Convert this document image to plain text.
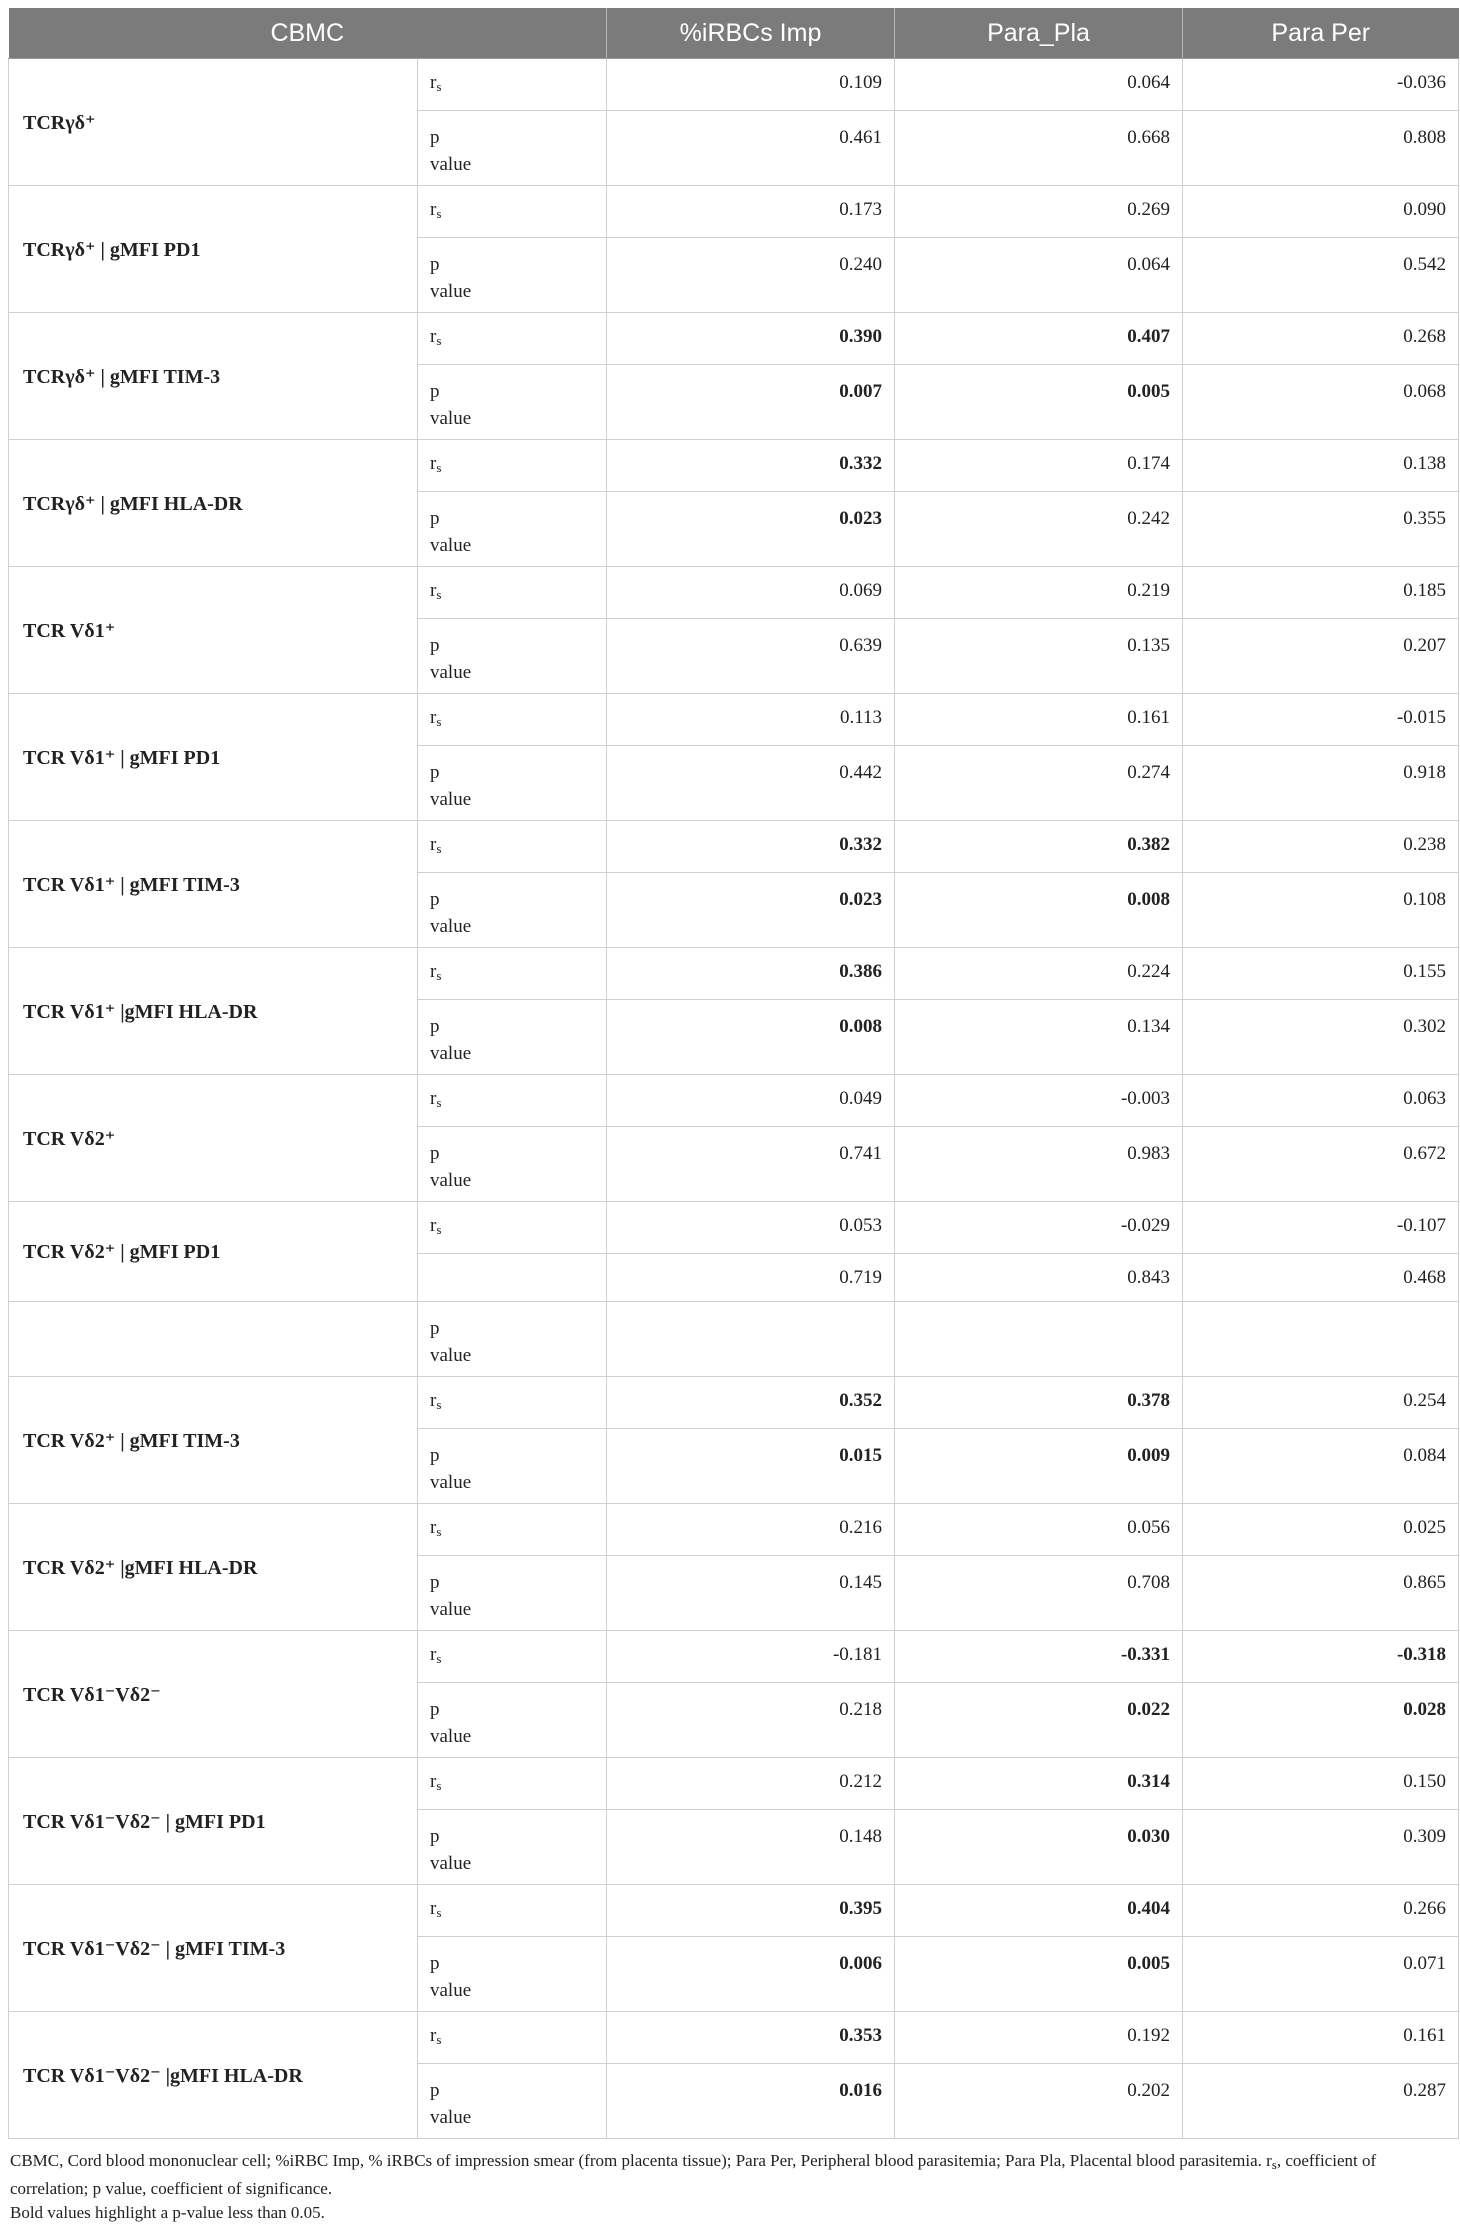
CBMC		%iRBCs Imp	Para_Pla	Para Per
TCRγδ⁺	$r_s$	0.109	0.064	-0.036
	p
value	0.461	0.668	0.808
TCRγδ⁺ | gMFI PD1	$r_s$	0.173	0.269	0.090
	p
value	0.240	0.064	0.542
TCRγδ⁺ | gMFI TIM-3	$r_s$	0.390	0.407	0.268
	p
value	0.007	0.005	0.068
TCRγδ⁺ | gMFI HLA-DR	$r_s$	0.332	0.174	0.138
	p
value	0.023	0.242	0.355
TCR Vδ1⁺	$r_s$	0.069	0.219	0.185
	p
value	0.639	0.135	0.207
TCR Vδ1⁺ | gMFI PD1	$r_s$	0.113	0.161	-0.015
	p
value	0.442	0.274	0.918
TCR Vδ1⁺ | gMFI TIM-3	$r_s$	0.332	0.382	0.238
	p
value	0.023	0.008	0.108
TCR Vδ1⁺ |gMFI HLA-DR	$r_s$	0.386	0.224	0.155
	p
value	0.008	0.134	0.302
TCR Vδ2⁺	$r_s$	0.049	-0.003	0.063
	p
value	0.741	0.983	0.672
TCR Vδ2⁺ | gMFI PD1	$r_s$	0.053	-0.029	-0.107
		0.719	0.843	0.468
	p
value			
TCR Vδ2⁺ | gMFI TIM-3	$r_s$	0.352	0.378	0.254
	p
value	0.015	0.009	0.084
TCR Vδ2⁺ |gMFI HLA-DR	$r_s$	0.216	0.056	0.025
	p
value	0.145	0.708	0.865
TCR Vδ1⁻Vδ2⁻	$r_s$	-0.181	-0.331	-0.318
	p
value	0.218	0.022	0.028
TCR Vδ1⁻Vδ2⁻ | gMFI PD1	$r_s$	0.212	0.314	0.150
	p
value	0.148	0.030	0.309
TCR Vδ1⁻Vδ2⁻ | gMFI TIM-3	$r_s$	0.395	0.404	0.266
	p
value	0.006	0.005	0.071
TCR Vδ1⁻Vδ2⁻ |gMFI HLA-DR	$r_s$	0.353	0.192	0.161
	p
value	0.016	0.202	0.287

CBMC, Cord blood mononuclear cell; %iRBC Imp, % iRBCs of impression smear (from placenta tissue); Para Per, Peripheral blood parasitemia; Para Pla, Placental blood parasitemia. $r_s$, coefficient of correlation; p value, coefficient of significance.

Bold values highlight a p-value less than 0.05.
